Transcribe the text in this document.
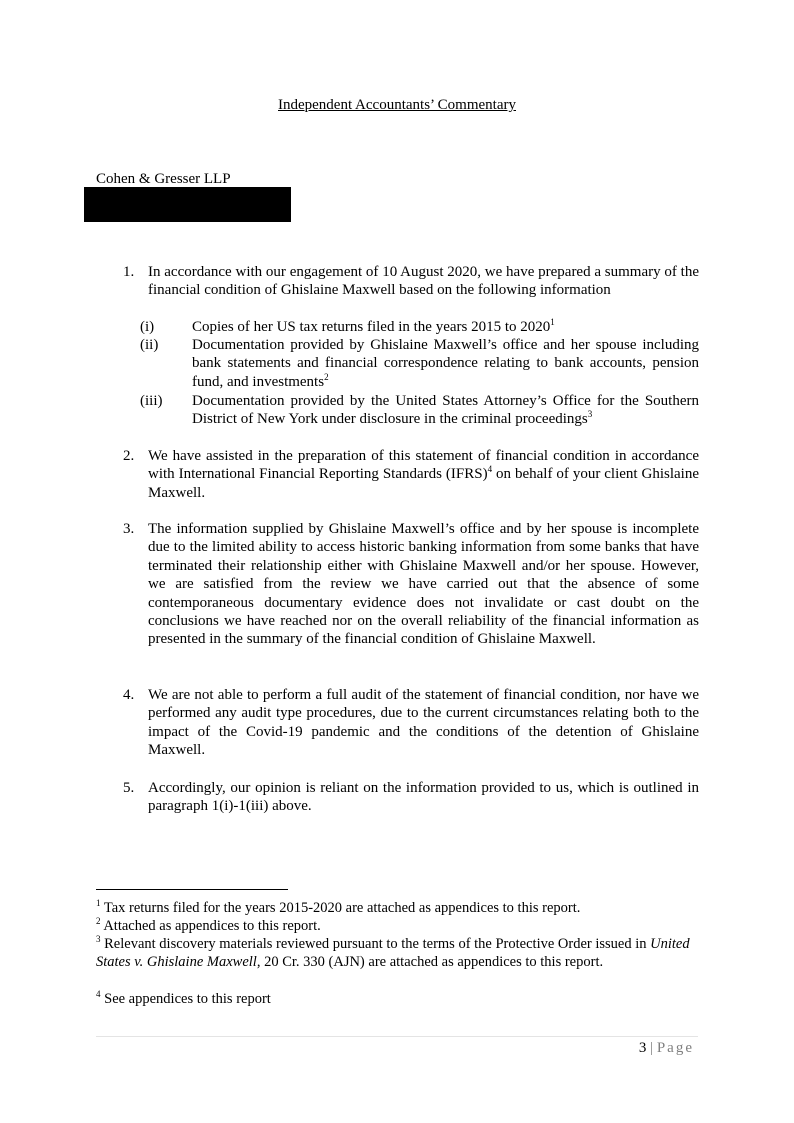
Independent Accountants’ Commentary
Cohen & Gresser LLP
1. In accordance with our engagement of 10 August 2020, we have prepared a summary of the financial condition of Ghislaine Maxwell based on the following information
(i)	Copies of her US tax returns filed in the years 2015 to 2020$^1$
(ii)	Documentation provided by Ghislaine Maxwell’s office and her spouse including bank statements and financial correspondence relating to bank accounts, pension fund, and investments$^2$
(iii)	Documentation provided by the United States Attorney’s Office for the Southern District of New York under disclosure in the criminal proceedings$^3$
2. We have assisted in the preparation of this statement of financial condition in accordance with International Financial Reporting Standards (IFRS)$^4$ on behalf of your client Ghislaine Maxwell.
3. The information supplied by Ghislaine Maxwell’s office and by her spouse is incomplete due to the limited ability to access historic banking information from some banks that have terminated their relationship either with Ghislaine Maxwell and/or her spouse. However, we are satisfied from the review we have carried out that the absence of some contemporaneous documentary evidence does not invalidate or cast doubt on the conclusions we have reached nor on the overall reliability of the financial information as presented in the summary of the financial condition of Ghislaine Maxwell.
4. We are not able to perform a full audit of the statement of financial condition, nor have we performed any audit type procedures, due to the current circumstances relating both to the impact of the Covid-19 pandemic and the conditions of the detention of Ghislaine Maxwell.
5. Accordingly, our opinion is reliant on the information provided to us, which is outlined in paragraph 1(i)-1(iii) above.

$^1$ Tax returns filed for the years 2015-2020 are attached as appendices to this report.

$^2$ Attached as appendices to this report.

$^3$ Relevant discovery materials reviewed pursuant to the terms of the Protective Order issued in United States v. Ghislaine Maxwell, 20 Cr. 330 (AJN) are attached as appendices to this report.

$^4$ See appendices to this report

3 | Page
